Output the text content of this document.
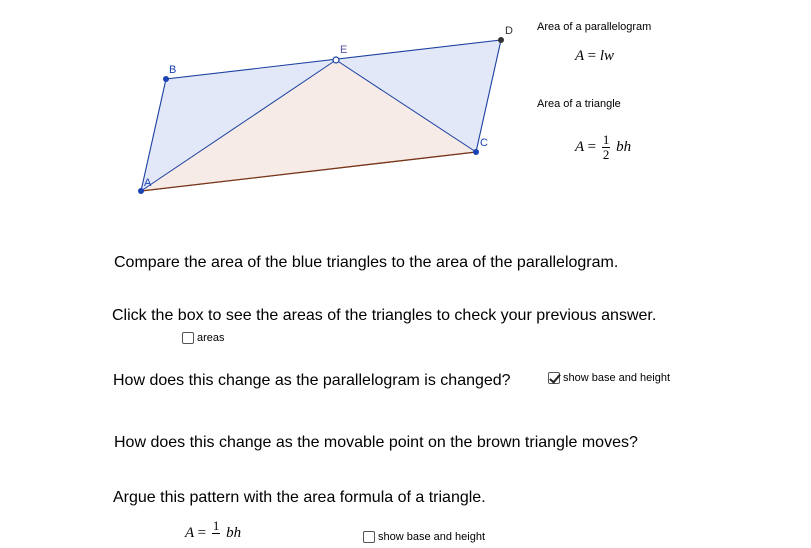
A
B
C
D
E
Area of a parallelogram
A = lw
Area of a triangle
$A = \frac{1}{2}$ bh
Compare the area of the blue triangles to the area of the parallelogram.
Click the box to see the areas of the triangles to check your previous answer.
areas
How does this change as the parallelogram is changed?	show base and height
How does this change as the movable point on the brown triangle moves?
Argue this pattern with the area formula of a triangle.
A = 1
bh	show base and height
